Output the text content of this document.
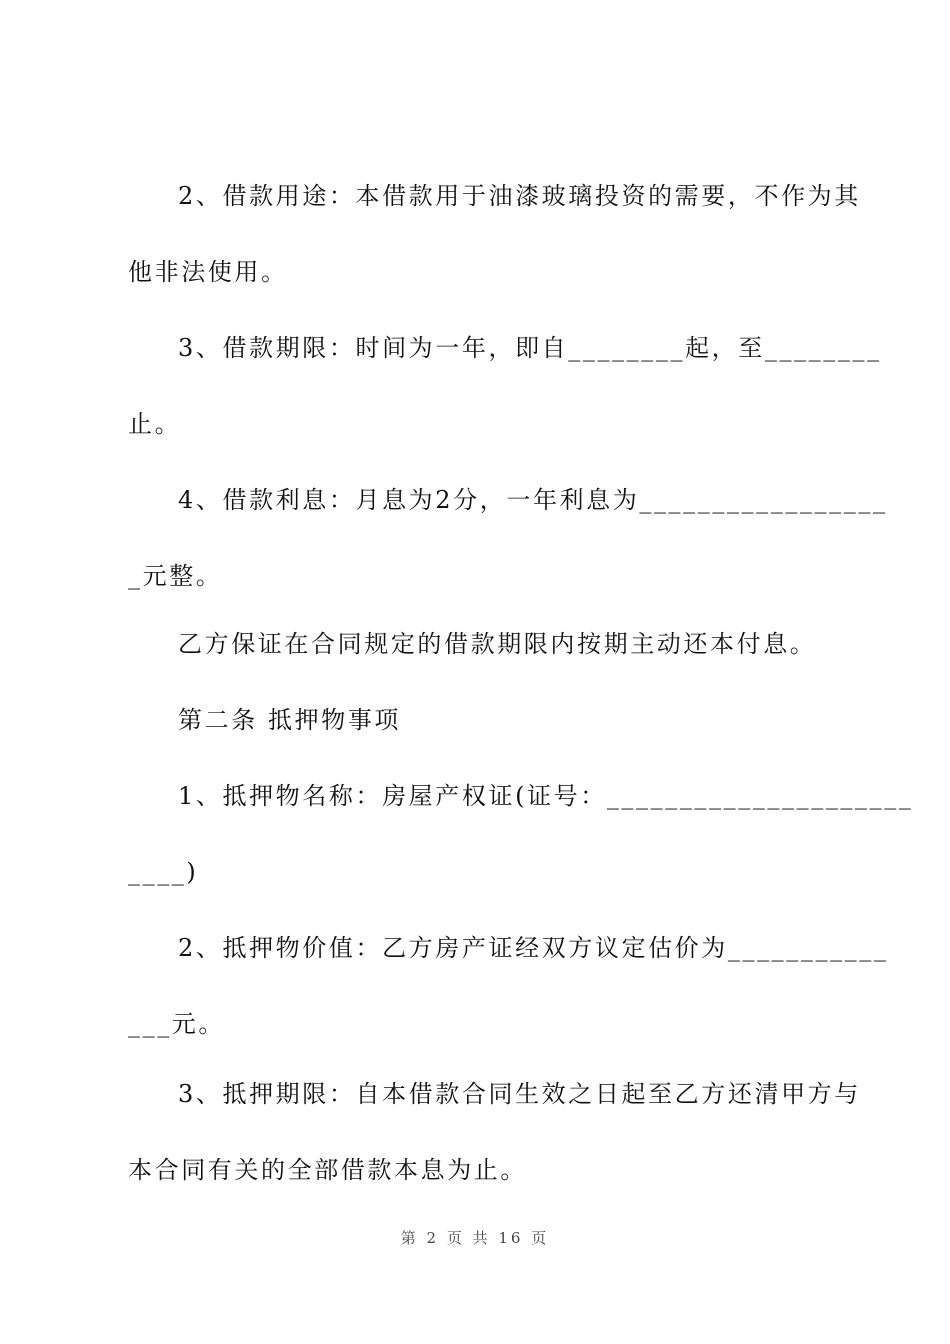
2、借款用途：本借款用于油漆玻璃投资的需要，不作为其
他非法使用。
3、借款期限：时间为一年，即自________起，至________
止。
4、借款利息：月息为2分，一年利息为_________________
_元整。
乙方保证在合同规定的借款期限内按期主动还本付息。
第二条 抵押物事项
1、抵押物名称：房屋产权证(证号：_____________________
____)
2、抵押物价值：乙方房产证经双方议定估价为___________
___元。
3、抵押期限：自本借款合同生效之日起至乙方还清甲方与
本合同有关的全部借款本息为止。
第 2 页 共 16 页
